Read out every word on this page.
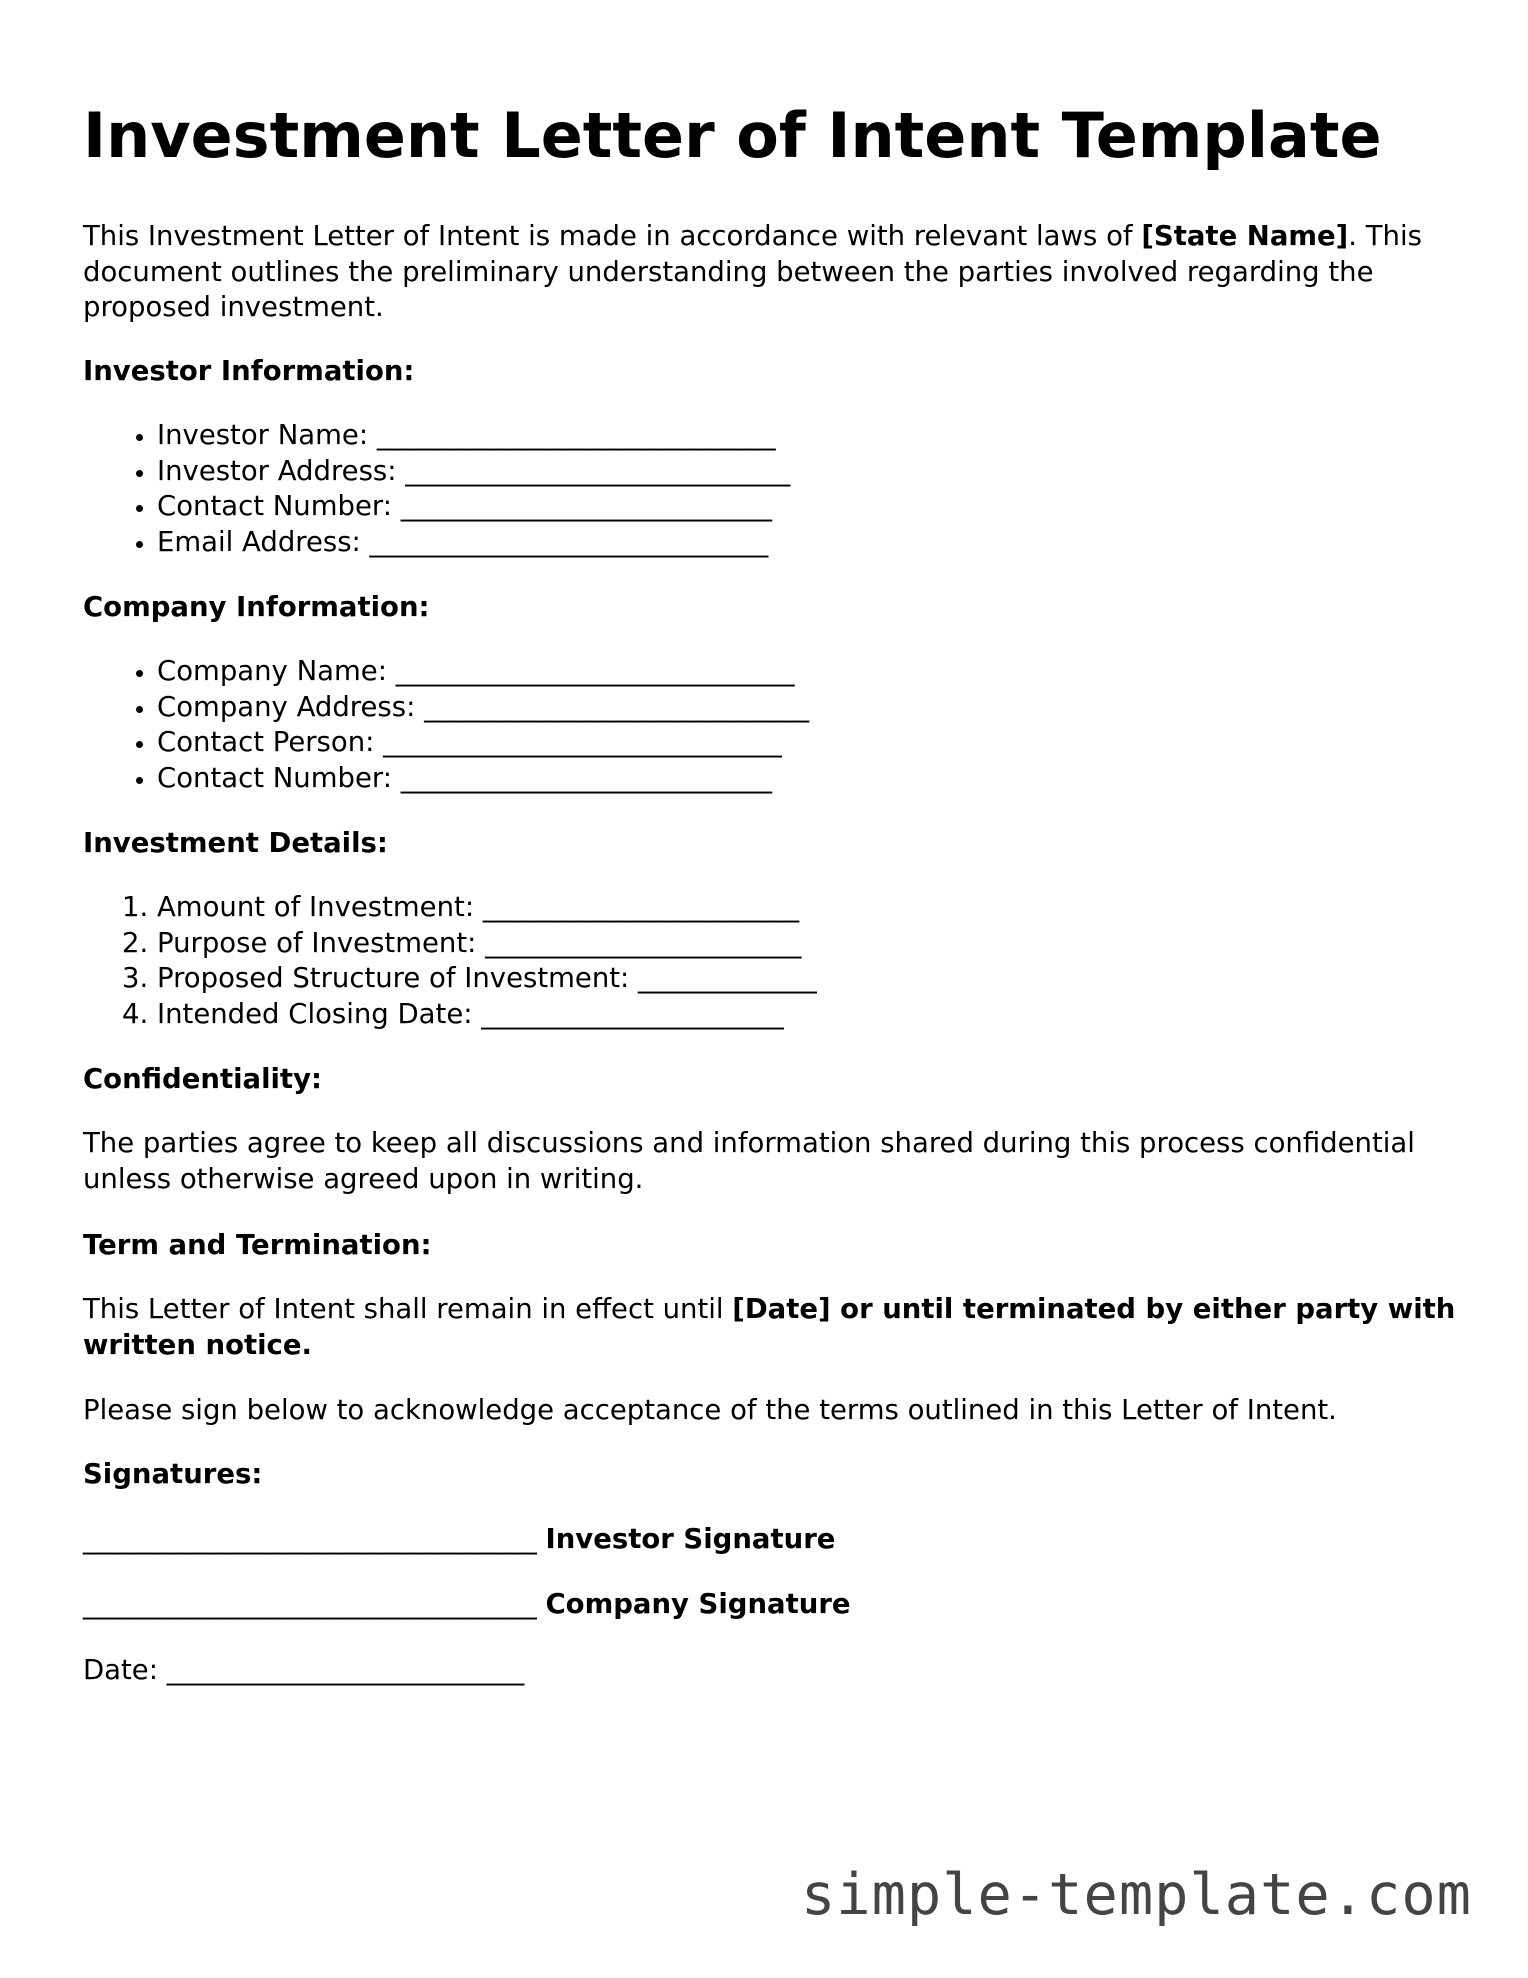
Investment Letter of Intent Template
This Investment Letter of Intent is made in accordance with relevant laws of [State Name]. This document outlines the preliminary understanding between the parties involved regarding the proposed investment.
Investor Information:
• Investor Name: _____________________________
• Investor Address: ____________________________
• Contact Number: ___________________________
• Email Address: _____________________________
Company Information:
• Company Name: _____________________________
• Company Address: ____________________________
• Contact Person: _____________________________
• Contact Number: ___________________________
Investment Details:
1. Amount of Investment: _______________________
2. Purpose of Investment: _______________________
3. Proposed Structure of Investment: _____________
4. Intended Closing Date: ______________________
Confidentiality:
The parties agree to keep all discussions and information shared during this process confidential unless otherwise agreed upon in writing.
Term and Termination:
This Letter of Intent shall remain in effect until [Date] or until terminated by either party with written notice.
Please sign below to acknowledge acceptance of the terms outlined in this Letter of Intent.
Signatures:
_________________________________ Investor Signature
_________________________________ Company Signature
Date: __________________________
simple-template.com
